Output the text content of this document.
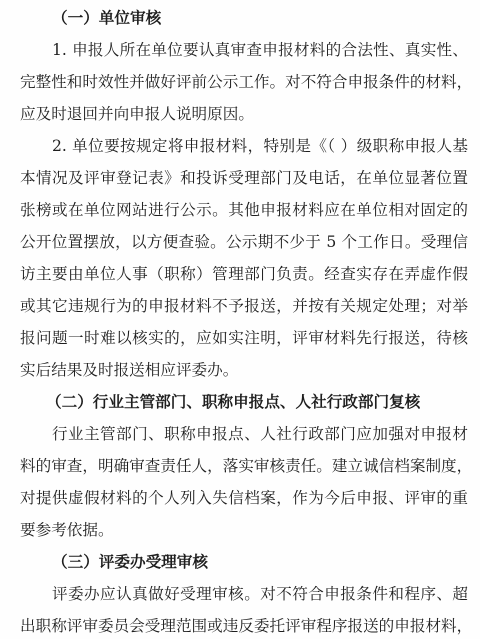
（一）单位审核
1. 申报人所在单位要认真审查申报材料的合法性、真实性、
完整性和时效性并做好评前公示工作。对不符合申报条件的材料，
应及时退回并向申报人说明原因。
2. 单位要按规定将申报材料，特别是《（ ）级职称申报人基
本情况及评审登记表》和投诉受理部门及电话，在单位显著位置
张榜或在单位网站进行公示。其他申报材料应在单位相对固定的
公开位置摆放，以方便查验。公示期不少于 5 个工作日。受理信
访主要由单位人事（职称）管理部门负责。经查实存在弄虚作假
或其它违规行为的申报材料不予报送，并按有关规定处理；对举
报问题一时难以核实的，应如实注明，评审材料先行报送，待核
实后结果及时报送相应评委办。
（二）行业主管部门、职称申报点、人社行政部门复核
行业主管部门、职称申报点、人社行政部门应加强对申报材
料的审查，明确审查责任人，落实审核责任。建立诚信档案制度，
对提供虚假材料的个人列入失信档案，作为今后申报、评审的重
要参考依据。
（三）评委办受理审核
评委办应认真做好受理审核。对不符合申报条件和程序、超
出职称评审委员会受理范围或违反委托评审程序报送的申报材料，
